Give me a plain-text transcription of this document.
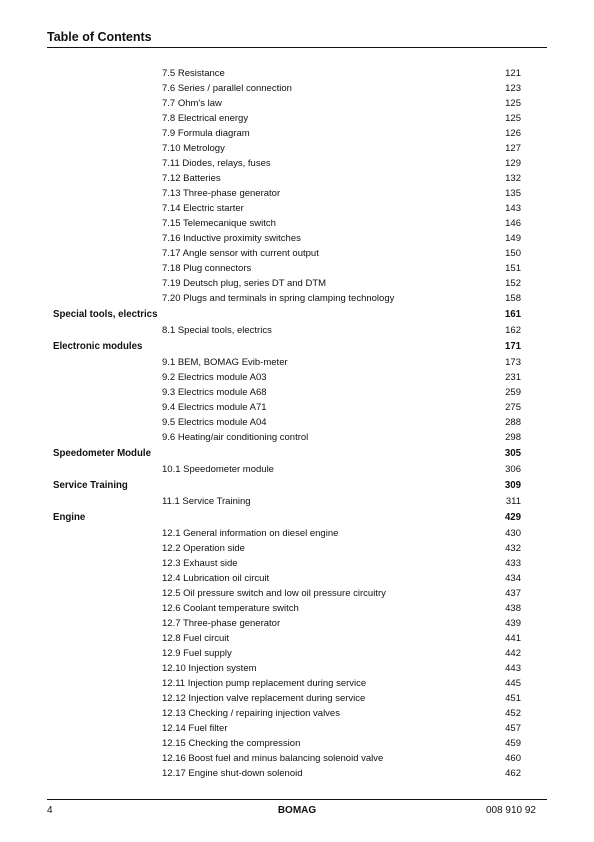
Table of Contents
7.5 Resistance	121
7.6 Series / parallel connection	123
7.7 Ohm's law	125
7.8 Electrical energy	125
7.9 Formula diagram	126
7.10 Metrology	127
7.11 Diodes, relays, fuses	129
7.12 Batteries	132
7.13 Three-phase generator	135
7.14 Electric starter	143
7.15 Telemecanique switch	146
7.16 Inductive proximity switches	149
7.17 Angle sensor with current output	150
7.18 Plug connectors	151
7.19 Deutsch plug, series DT and DTM	152
7.20 Plugs and terminals in spring clamping technology	158
Special tools, electrics	161
8.1 Special tools, electrics	162
Electronic modules	171
9.1 BEM, BOMAG Evib-meter	173
9.2 Electrics module A03	231
9.3 Electrics module A68	259
9.4 Electrics module A71	275
9.5 Electrics module A04	288
9.6 Heating/air conditioning control	298
Speedometer Module	305
10.1 Speedometer module	306
Service Training	309
11.1 Service Training	311
Engine	429
12.1 General information on diesel engine	430
12.2 Operation side	432
12.3 Exhaust side	433
12.4 Lubrication oil circuit	434
12.5 Oil pressure switch and low oil pressure circuitry	437
12.6 Coolant temperature switch	438
12.7 Three-phase generator	439
12.8 Fuel circuit	441
12.9 Fuel supply	442
12.10 Injection system	443
12.11 Injection pump replacement during service	445
12.12 Injection valve replacement during service	451
12.13 Checking / repairing injection valves	452
12.14 Fuel filter	457
12.15 Checking the compression	459
12.16 Boost fuel and minus balancing solenoid valve	460
12.17 Engine shut-down solenoid	462
4	BOMAG	008 910 92
